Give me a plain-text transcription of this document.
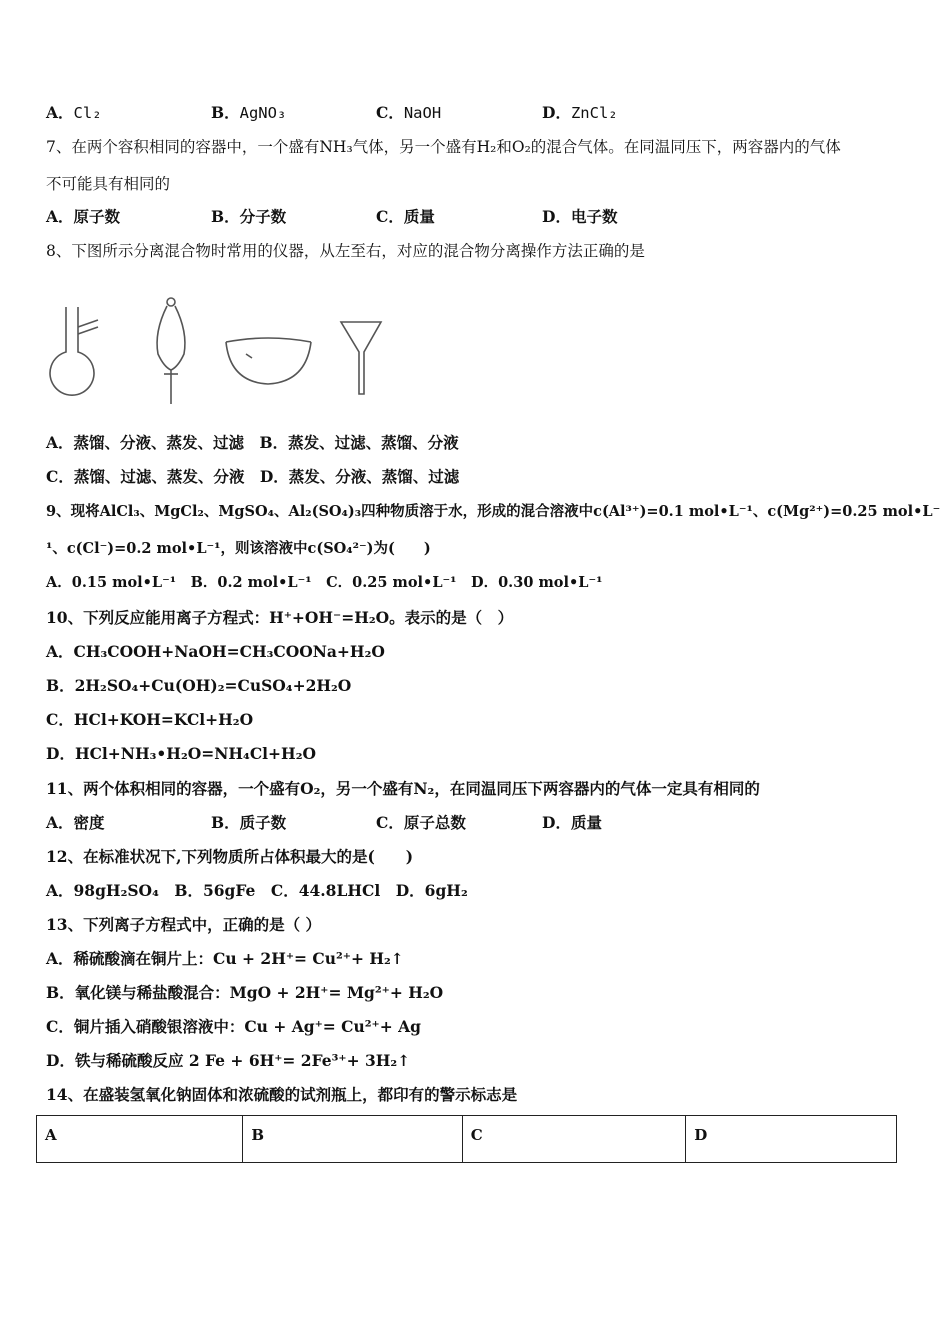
A．Cl₂	B．AgNO₃	C．NaOH	D．ZnCl₂
7、在两个容积相同的容器中，一个盛有NH₃气体，另一个盛有H₂和O₂的混合气体。在同温同压下，两容器内的气体
不可能具有相同的
A．原子数	B．分子数	C．质量	D．电子数
8、下图所示分离混合物时常用的仪器，从左至右，对应的混合物分离操作方法正确的是
A．蒸馏、分液、蒸发、过滤　B．蒸发、过滤、蒸馏、分液
C．蒸馏、过滤、蒸发、分液　D．蒸发、分液、蒸馏、过滤
9、现将AlCl₃、MgCl₂、MgSO₄、Al₂(SO₄)₃四种物质溶于水，形成的混合溶液中c(Al³⁺)=0.1 mol•L⁻¹、c(Mg²⁺)=0.25 mol•L⁻
¹、c(Cl⁻)=0.2 mol•L⁻¹，则该溶液中c(SO₄²⁻)为(　　)
A．0.15 mol•L⁻¹　B．0.2 mol•L⁻¹　C．0.25 mol•L⁻¹　D．0.30 mol•L⁻¹
10、下列反应能用离子方程式：H⁺+OH⁻=H₂O。表示的是（　）
A．CH₃COOH+NaOH=CH₃COONa+H₂O
B．2H₂SO₄+Cu(OH)₂=CuSO₄+2H₂O
C．HCl+KOH=KCl+H₂O
D．HCl+NH₃•H₂O=NH₄Cl+H₂O
11、两个体积相同的容器，一个盛有O₂，另一个盛有N₂，在同温同压下两容器内的气体一定具有相同的
A．密度	B．质子数	C．原子总数	D．质量
12、在标准状况下,下列物质所占体积最大的是(　　)
A．98gH₂SO₄　B．56gFe　C．44.8LHCl　D．6gH₂
13、下列离子方程式中，正确的是（ ）
A．稀硫酸滴在铜片上：Cu + 2H⁺= Cu²⁺+ H₂↑
B．氧化镁与稀盐酸混合：MgO + 2H⁺= Mg²⁺+ H₂O
C．铜片插入硝酸银溶液中：Cu + Ag⁺= Cu²⁺+ Ag
D．铁与稀硫酸反应 2 Fe + 6H⁺= 2Fe³⁺+ 3H₂↑
14、在盛装氢氧化钠固体和浓硫酸的试剂瓶上，都印有的警示标志是
A	B	C	D
